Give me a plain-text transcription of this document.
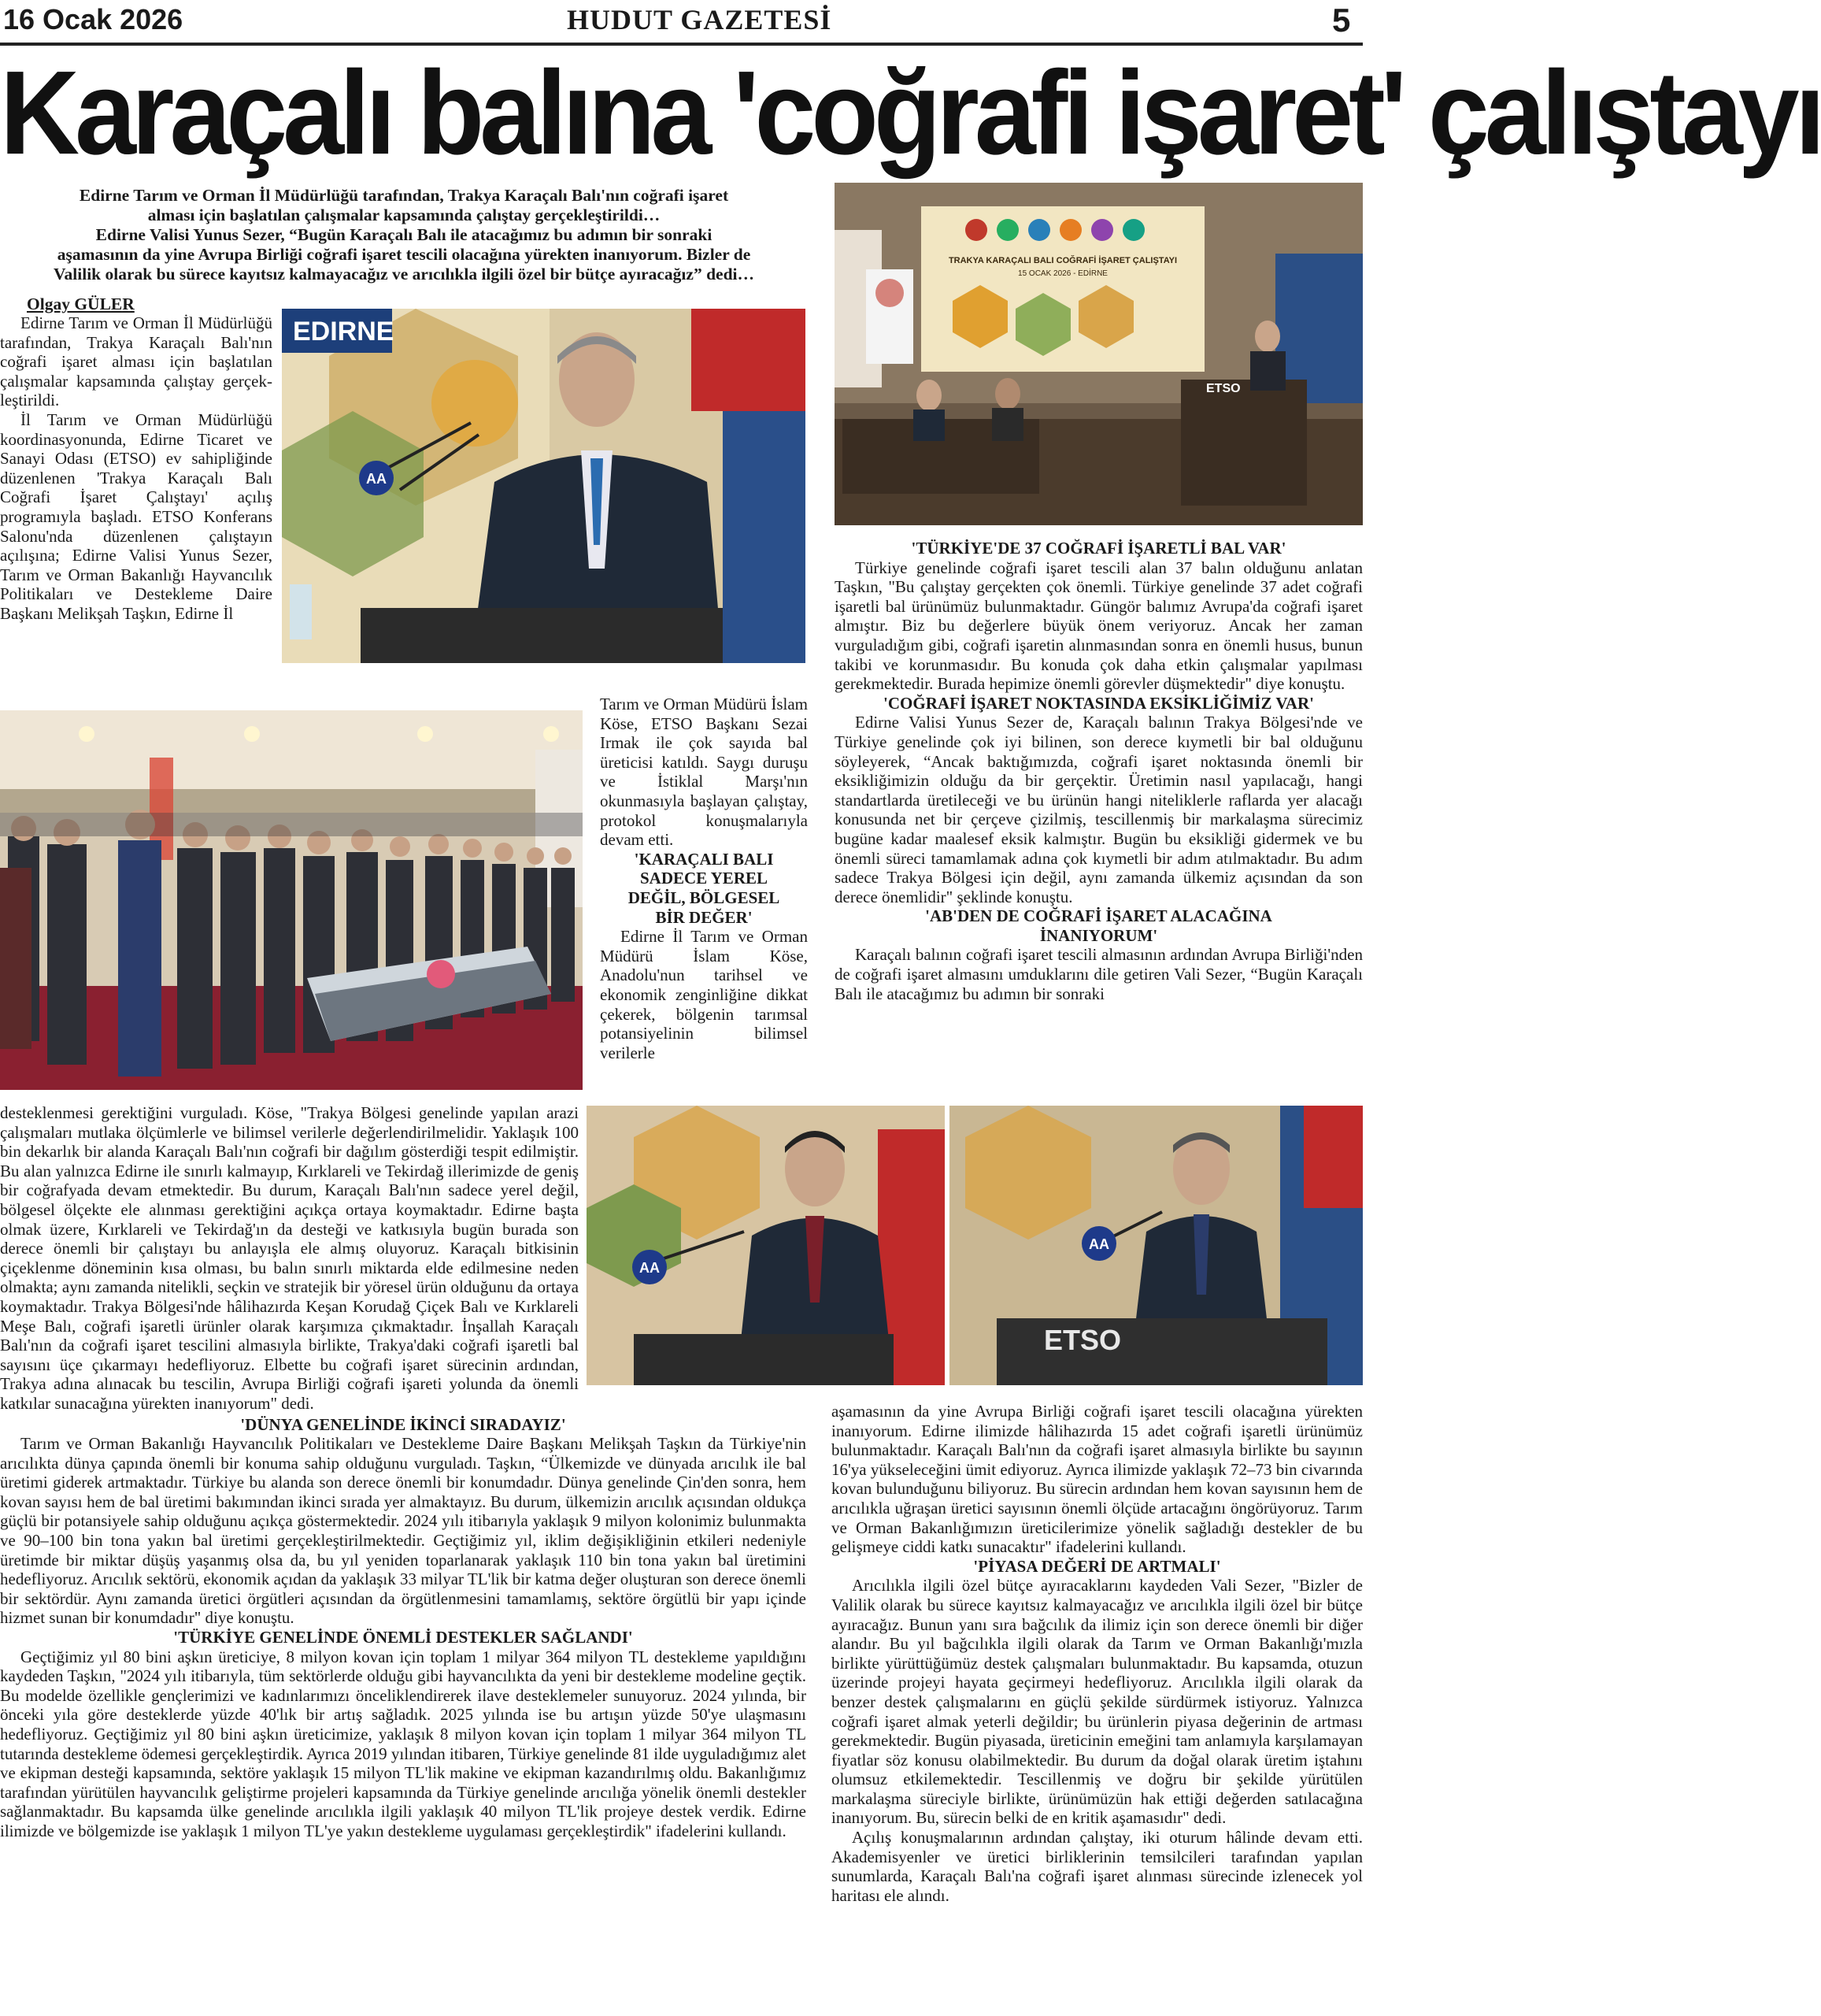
16 Ocak 2026	HUDUT GAZETESİ	5
Karaçalı balına 'coğrafi işaret' çalıştayı
Edirne Tarım ve Orman İl Müdürlüğü tarafından, Trakya Karaçalı Balı'nın coğrafi işaret
alması için başlatılan çalışmalar kapsamında çalıştay gerçekleştirildi…
Edirne Valisi Yunus Sezer, “Bugün Karaçalı Balı ile atacağımız bu adımın bir sonraki
aşamasının da yine Avrupa Birliği coğrafi işaret tescili olacağına yürekten inanıyorum. Bizler de
Valilik olarak bu sürece kayıtsız kalmayacağız ve arıcılıkla ilgili özel bir bütçe ayıracağız” dedi…
Olgay GÜLER
EDIRNE
AA
TRAKYA KARAÇALI BALI COĞRAFİ İŞARET ÇALIŞTAYI
15 OCAK 2026 - EDİRNE
ETSO
AA
AA
ETSO

Edirne Tarım ve Orman İl Müdürlüğü tarafından, Trakya Karaçalı Balı'nın coğrafi işaret alması için başlatılan çalışmalar kapsamında çalıştay gerçek-leştirildi.

İl Tarım ve Orman Müdürlüğü koordinasyonunda, Edirne Ticaret ve Sanayi Odası (ETSO) ev sahipliğinde düzenlenen 'Trakya Karaçalı Balı Coğrafi İşaret Çalıştayı' açılış programıyla başladı. ETSO Konferans Salonu'nda düzenlenen çalıştayın açılışına; Edirne Valisi Yunus Sezer, Tarım ve Orman Bakanlığı Hayvancılık Politikaları ve Destekleme Daire Başkanı Melikşah Taşkın, Edirne İl

Tarım ve Orman Müdürü İslam Köse, ETSO Başkanı Sezai Irmak ile çok sayıda bal üreticisi katıldı. Saygı duruşu ve İstiklal Marşı'nın okunmasıyla başlayan çalıştay, protokol konuşmalarıyla devam etti.

'KARAÇALI BALI
SADECE YEREL
DEĞİL, BÖLGESEL
BİR DEĞER'

Edirne İl Tarım ve Orman Müdürü İslam Köse, Anadolu'nun tarihsel ve ekonomik zenginliğine dikkat çekerek, bölgenin tarımsal potansiyelinin bilimsel verilerle

desteklenmesi gerektiğini vurguladı. Köse, "Trakya Bölgesi genelinde yapılan arazi çalışmaları mutlaka ölçümlerle ve bilimsel verilerle değerlendirilmelidir. Yaklaşık 100 bin dekarlık bir alanda Karaçalı Balı'nın coğrafi bir dağılım gösterdiği tespit edilmiştir. Bu alan yalnızca Edirne ile sınırlı kalmayıp, Kırklareli ve Tekirdağ illerimizde de geniş bir coğrafyada devam etmektedir. Bu durum, Karaçalı Balı'nın sadece yerel değil, bölgesel ölçekte ele alınması gerektiğini açıkça ortaya koymaktadır. Edirne başta olmak üzere, Kırklareli ve Tekirdağ'ın da desteği ve katkısıyla bugün burada son derece önemli bir çalıştayı bu anlayışla ele almış oluyoruz. Karaçalı bitkisinin çiçeklenme döneminin kısa olması, bu balın sınırlı miktarda elde edilmesine neden olmakta; aynı zamanda nitelikli, seçkin ve stratejik bir yöresel ürün olduğunu da ortaya koymaktadır. Trakya Bölgesi'nde hâlihazırda Keşan Korudağ Çiçek Balı ve Kırklareli Meşe Balı, coğrafi işaretli ürünler olarak karşımıza çıkmaktadır. İnşallah Karaçalı Balı'nın da coğrafi işaret tescilini almasıyla birlikte, Trakya'daki coğrafi işaretli bal sayısını üçe çıkarmayı hedefliyoruz. Elbette bu coğrafi işaret sürecinin ardından, Trakya adına alınacak bu tescilin, Avrupa Birliği coğrafi işareti yolunda da önemli katkılar sunacağına yürekten inanıyorum" dedi.

'DÜNYA GENELİNDE İKİNCİ SIRADAYIZ'

Tarım ve Orman Bakanlığı Hayvancılık Politikaları ve Destekleme Daire Başkanı Melikşah Taşkın da Türkiye'nin arıcılıkta dünya çapında önemli bir konuma sahip olduğunu vurguladı. Taşkın, “Ülkemizde ve dünyada arıcılık ile bal üretimi giderek artmaktadır. Türkiye bu alanda son derece önemli bir konumdadır. Dünya genelinde Çin'den sonra, hem kovan sayısı hem de bal üretimi bakımından ikinci sırada yer almaktayız. Bu durum, ülkemizin arıcılık açısından oldukça güçlü bir potansiyele sahip olduğunu açıkça göstermektedir. 2024 yılı itibarıyla yaklaşık 9 milyon kolonimiz bulunmakta ve 90–100 bin tona yakın bal üretimi gerçekleştirilmektedir. Geçtiğimiz yıl, iklim değişikliğinin etkileri nedeniyle üretimde bir miktar düşüş yaşanmış olsa da, bu yıl yeniden toparlanarak yaklaşık 110 bin tona yakın bal üretimini hedefliyoruz. Arıcılık sektörü, ekonomik açıdan da yaklaşık 33 milyar TL'lik bir katma değer oluşturan son derece önemli bir sektördür. Aynı zamanda üretici örgütleri açısından da örgütlenmesini tamamlamış, sektöre örgütlü bir yapı içinde hizmet sunan bir konumdadır" diye konuştu.

'TÜRKİYE GENELİNDE ÖNEMLİ DESTEKLER SAĞLANDI'

Geçtiğimiz yıl 80 bini aşkın üreticiye, 8 milyon kovan için toplam 1 milyar 364 milyon TL destekleme yapıldığını kaydeden Taşkın, "2024 yılı itibarıyla, tüm sektörlerde olduğu gibi hayvancılıkta da yeni bir destekleme modeline geçtik. Bu modelde özellikle gençlerimizi ve kadınlarımızı önceliklendirerek ilave desteklemeler sunuyoruz. 2024 yılında, bir önceki yıla göre desteklerde yüzde 40'lık bir artış sağladık. 2025 yılında ise bu artışın yüzde 50'ye ulaşmasını hedefliyoruz. Geçtiğimiz yıl 80 bini aşkın üreticimize, yaklaşık 8 milyon kovan için toplam 1 milyar 364 milyon TL tutarında destekleme ödemesi gerçekleştirdik. Ayrıca 2019 yılından itibaren, Türkiye genelinde 81 ilde uyguladığımız alet ve ekipman desteği kapsamında, sektöre yaklaşık 15 milyon TL'lik makine ve ekipman kazandırılmış oldu. Bakanlığımız tarafından yürütülen hayvancılık geliştirme projeleri kapsamında da Türkiye genelinde arıcılığa yönelik önemli destekler sağlanmaktadır. Bu kapsamda ülke genelinde arıcılıkla ilgili yaklaşık 40 milyon TL'lik projeye destek verdik. Edirne ilimizde ve bölgemizde ise yaklaşık 1 milyon TL'ye yakın destekleme uygulaması gerçekleştirdik" ifadelerini kullandı.

'TÜRKİYE'DE 37 COĞRAFİ İŞARETLİ BAL VAR'

Türkiye genelinde coğrafi işaret tescili alan 37 balın olduğunu anlatan Taşkın, "Bu çalıştay gerçekten çok önemli. Türkiye genelinde 37 adet coğrafi işaretli bal ürünümüz bulunmaktadır. Güngör balımız Avrupa'da coğrafi işaret almıştır. Biz bu değerlere büyük önem veriyoruz. Ancak her zaman vurguladığım gibi, coğrafi işaretin alınmasından sonra en önemli husus, bunun takibi ve korunmasıdır. Bu konuda çok daha etkin çalışmalar yapılması gerekmektedir. Burada hepimize önemli görevler düşmektedir" diye konuştu.

'COĞRAFİ İŞARET NOKTASINDA EKSİKLİĞİMİZ VAR'

Edirne Valisi Yunus Sezer de, Karaçalı balının Trakya Bölgesi'nde ve Türkiye genelinde çok iyi bilinen, son derece kıymetli bir bal olduğunu söyleyerek, “Ancak baktığımızda, coğrafi işaret noktasında önemli bir eksikliğimizin olduğu da bir gerçektir. Üretimin nasıl yapılacağı, hangi standartlarda üretileceği ve bu ürünün hangi niteliklerle raflarda yer alacağı konusunda net bir çerçeve çizilmiş, tescillenmiş bir markalaşma sürecimiz bugüne kadar maalesef eksik kalmıştır. Bugün bu eksikliği gidermek ve bu önemli süreci tamamlamak adına çok kıymetli bir adım atılmaktadır. Bu adım sadece Trakya Bölgesi için değil, aynı zamanda ülkemiz açısından da son derece önemlidir" şeklinde konuştu.

'AB'DEN DE COĞRAFİ İŞARET ALACAĞINA
İNANIYORUM'

Karaçalı balının coğrafi işaret tescili almasının ardından Avrupa Birliği'nden de coğrafi işaret almasını umduklarını dile getiren Vali Sezer, “Bugün Karaçalı Balı ile atacağımız bu adımın bir sonraki

aşamasının da yine Avrupa Birliği coğrafi işaret tescili olacağına yürekten inanıyorum. Edirne ilimizde hâlihazırda 15 adet coğrafi işaretli ürünümüz bulunmaktadır. Karaçalı Balı'nın da coğrafi işaret almasıyla birlikte bu sayının 16'ya yükseleceğini ümit ediyoruz. Ayrıca ilimizde yaklaşık 72–73 bin civarında kovan bulunduğunu biliyoruz. Bu sürecin ardından hem kovan sayısının hem de arıcılıkla uğraşan üretici sayısının önemli ölçüde artacağını öngörüyoruz. Tarım ve Orman Bakanlığımızın üreticilerimize yönelik sağladığı destekler de bu gelişmeye ciddi katkı sunacaktır" ifadelerini kullandı.

'PİYASA DEĞERİ DE ARTMALI'

Arıcılıkla ilgili özel bütçe ayıracaklarını kaydeden Vali Sezer, "Bizler de Valilik olarak bu sürece kayıtsız kalmayacağız ve arıcılıkla ilgili özel bir bütçe ayıracağız. Bunun yanı sıra bağcılık da ilimiz için son derece önemli bir diğer alandır. Bu yıl bağcılıkla ilgili olarak da Tarım ve Orman Bakanlığı'mızla birlikte yürüttüğümüz destek çalışmaları bulunmaktadır. Bu kapsamda, otuzun üzerinde projeyi hayata geçirmeyi hedefliyoruz. Arıcılıkla ilgili olarak da benzer destek çalışmalarını en güçlü şekilde sürdürmek istiyoruz. Yalnızca coğrafi işaret almak yeterli değildir; bu ürünlerin piyasa değerinin de artması gerekmektedir. Bugün piyasada, üreticinin emeğini tam anlamıyla karşılamayan fiyatlar söz konusu olabilmektedir. Bu durum da doğal olarak üretim iştahını olumsuz etkilemektedir. Tescillenmiş ve doğru bir şekilde yürütülen markalaşma süreciyle birlikte, ürünümüzün hak ettiği değerden satılacağına inanıyorum. Bu, sürecin belki de en kritik aşamasıdır" dedi.

Açılış konuşmalarının ardından çalıştay, iki oturum hâlinde devam etti. Akademisyenler ve üretici birliklerinin temsilcileri tarafından yapılan sunumlarda, Karaçalı Balı'na coğrafi işaret alınması sürecinde izlenecek yol haritası ele alındı.
